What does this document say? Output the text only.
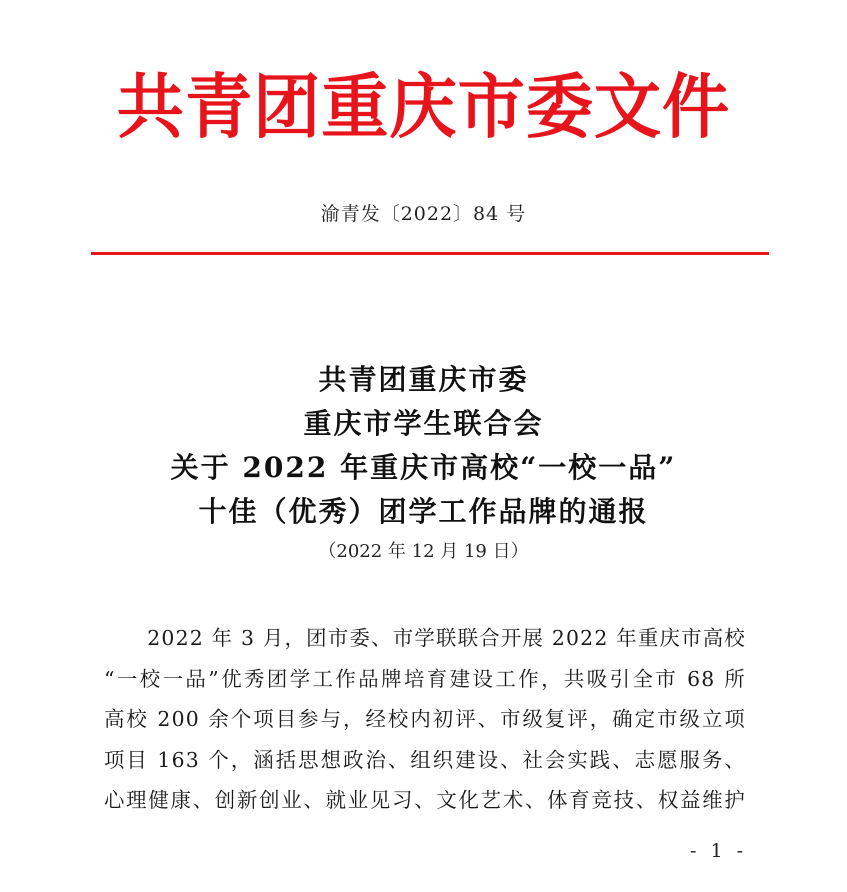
共青团重庆市委文件
渝青发〔2022〕84 号
共青团重庆市委
重庆市学生联合会
关于 2022 年重庆市高校“一校一品”
十佳（优秀）团学工作品牌的通报
（2022 年 12 月 19 日）
　　2022 年 3 月，团市委、市学联联合开展 2022 年重庆市高校
“一校一品”优秀团学工作品牌培育建设工作，共吸引全市 68 所
高校 200 余个项目参与，经校内初评、市级复评，确定市级立项
项目 163 个，涵括思想政治、组织建设、社会实践、志愿服务、
心理健康、创新创业、就业见习、文化艺术、体育竞技、权益维护
- 1 -
